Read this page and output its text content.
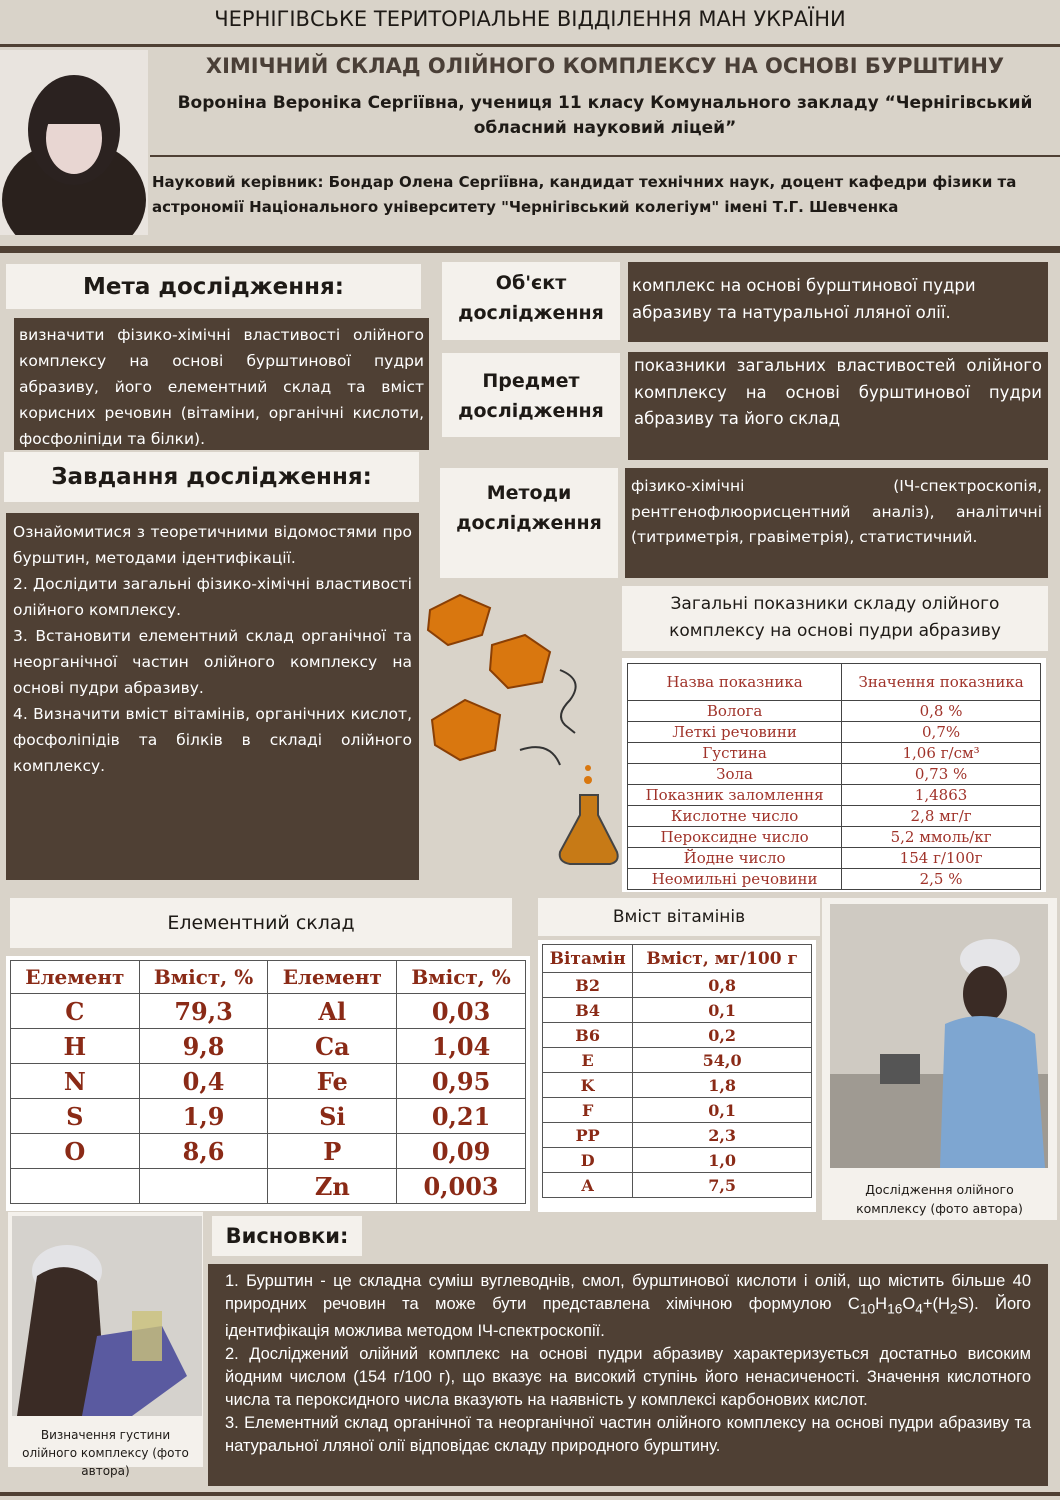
ЧЕРНІГІВСЬКЕ ТЕРИТОРІАЛЬНЕ ВІДДІЛЕННЯ МАН УКРАЇНИ
ХІМІЧНИЙ СКЛАД ОЛІЙНОГО КОМПЛЕКСУ НА ОСНОВІ БУРШТИНУ
Вороніна Вероніка Сергіївна, учениця 11 класу Комунального закладу “Чернігівський обласний науковий ліцей”
Науковий керівник: Бондар Олена Сергіївна, кандидат технічних наук, доцент кафедри фізики та астрономії Національного університету "Чернігівський колегіум" імені Т.Г. Шевченка
Мета дослідження:
визначити фізико-хімічні властивості олійного комплексу на основі бурштинової пудри абразиву, його елементний склад та вміст корисних речовин (вітаміни, органічні кислоти, фосфоліпіди та білки).
Завдання дослідження:
Ознайомитися з теоретичними відомостями про бурштин, методами ідентифікації.
2. Дослідити загальні фізико-хімічні властивості олійного комплексу.
3. Встановити елементний склад органічної та неорганічної частин олійного комплексу на основі пудри абразиву.
4. Визначити вміст вітамінів, органічних кислот, фосфоліпідів та білків в складі олійного комплексу.
Об'єкт дослідження
комплекс на основі бурштинової пудри абразиву та натуральної лляної олії.
Предмет дослідження
показники загальних властивостей олійного комплексу на основі бурштинової пудри абразиву та його склад
Методи дослідження
фізико-хімічні (ІЧ-спектроскопія, рентгенофлюорисцентний аналіз), аналітичні (титриметрія, гравіметрія), статистичний.
Загальні показники складу олійного комплексу на основі пудри абразиву
Назва показника	Значення показника
Волога	0,8 %
Леткі речовини	0,7%
Густина	1,06 г/см³
Зола	0,73 %
Показник заломлення	1,4863
Кислотне число	2,8 мг/г
Пероксидне число	5,2 ммоль/кг
Йодне число	154 г/100г
Неомильні речовини	2,5 %
Елементний склад
Елемент	Вміст, %	Елемент	Вміст, %
C	79,3	Al	0,03
H	9,8	Ca	1,04
N	0,4	Fe	0,95
S	1,9	Si	0,21
O	8,6	P	0,09
		Zn	0,003
Вміст вітамінів
Вітамін	Вміст, мг/100 г
B2	0,8
B4	0,1
B6	0,2
E	54,0
K	1,8
F	0,1
PP	2,3
D	1,0
A	7,5	Дослідження олійного комплексу (фото автора)
Визначення густини олійного комплексу (фото автора)
Висновки:
1. Бурштин - це складна суміш вуглеводнів, смол, бурштинової кислоти і олій, що містить більше 40 природних речовин та може бути представлена хімічною формулою $C_{10}H_{16}O_4+(H_2S)$. Його ідентифікація можлива методом ІЧ-спектроскопії.
2. Досліджений олійний комплекс на основі пудри абразиву характеризується достатньо високим йодним числом (154 г/100 г), що вказує на високий ступінь його ненасиченості. Значення кислотного числа та пероксидного числа вказують на наявність у комплексі карбонових кислот.
3. Елементний склад органічної та неорганічної частин олійного комплексу на основі пудри абразиву та натуральної лляної олії відповідає складу природного бурштину.
